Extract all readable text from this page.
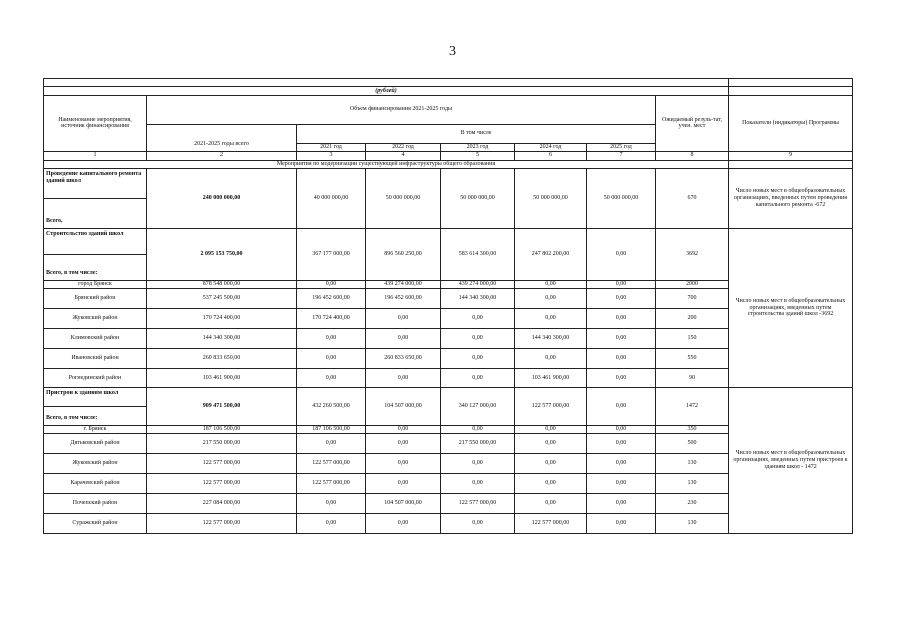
3

(рублей)								
Наименование мероприятия, источник финансирования	Объем финансирования 2021-2025 годы						Ожидаемый резуль-тат, учен. мест	Показатели (индикаторы) Программы
	2021-2025 годы всего	В том числе						
		2021 год	2022 год	2023 год	2024 год	2025 год		
1	2	3	4	5	6	7	8	9
Мероприятия по модернизации существующей инфраструктуры общего образования								
Проведение капитального ремонта зданий школ	240 000 000,00	40 000 000,00	50 000 000,00	50 000 000,00	50 000 000,00	50 000 000,00	670	Число новых мест в общеобразовательных организациях, введенных путем проведения капитального ремонта -672
Всего,								
Строительство зданий школ	2 095 153 750,00	367 177 000,00	896 560 250,00	583 614 300,00	247 802 200,00	0,00	3692	Число новых мест в общеобразовательных организациях, введенных путем строительства зданий школ -3692
Всего, в том числе:								
город Брянск	878 548 000,00	0,00	439 274 000,00	439 274 000,00	0,00	0,00	2000	
Брянский район	537 245 500,00	196 452 600,00	196 452 600,00	144 340 300,00	0,00	0,00	700	
Жуковский район	170 724 400,00	170 724 400,00	0,00	0,00	0,00	0,00	200	
Климовский район	144 340 300,00	0,00	0,00	0,00	144 340 300,00	0,00	150	
Ивановский район	260 833 650,00	0,00	260 833 650,00	0,00	0,00	0,00	550	
Рогнединский район	103 461 900,00	0,00	0,00	0,00	103 461 900,00	0,00	90	
Пристрои к зданиям школ	909 471 500,00	432 260 500,00	104 507 000,00	340 127 000,00	122 577 000,00	0,00	1472	Число новых мест в общеобразовательных организациях, введенных путем пристроев к зданиям школ - 1472
Всего, в том числе:								
г. Брянск	187 106 500,00	187 106 500,00	0,00	0,00	0,00	0,00	350	
Дятьковский район	217 550 000,00	0,00	0,00	217 550 000,00	0,00	0,00	500	
Жуковский район	122 577 000,00	122 577 000,00	0,00	0,00	0,00	0,00	130	
Карачевский район	122 577 000,00	122 577 000,00	0,00	0,00	0,00	0,00	130	
Почепский район	227 084 000,00	0,00	104 507 000,00	122 577 000,00	0,00	0,00	230	
Суражский район	122 577 000,00	0,00	0,00	0,00	122 577 000,00	0,00	130	
